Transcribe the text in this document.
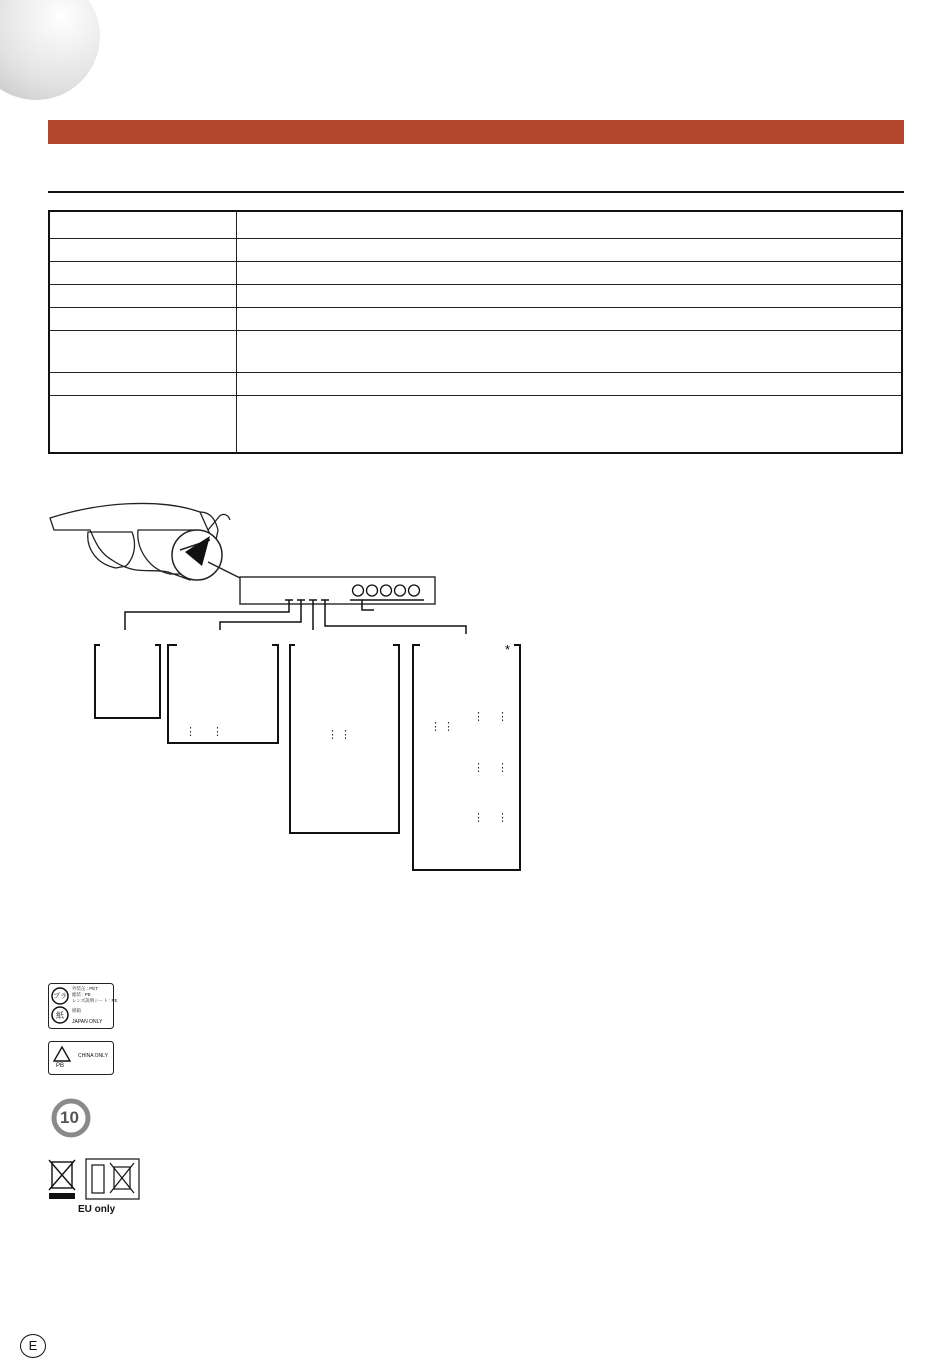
*
⋮ ⋮	⋮ ⋮
⋮ ⋮
⋮ ⋮
⋮ ⋮
⋮ ⋮
プラ
紙
外装缶 : PET
総装 : PE
レンズ説明シート : PE
紙箱
JAPAN ONLY
PB
CHINA ONLY
10
EU only
E
